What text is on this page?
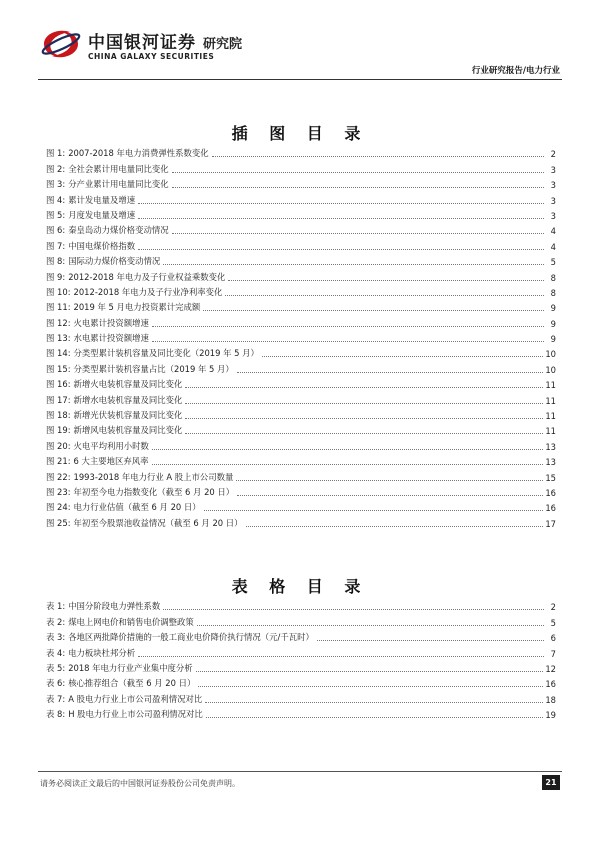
中国银河证券 研究院
CHINA GALAXY SECURITIES
行业研究报告/电力行业
插 图 目 录
图 1: 2007-2018 年电力消费弹性系数变化	2
图 2: 全社会累计用电量同比变化	3
图 3: 分产业累计用电量同比变化	3
图 4: 累计发电量及增速	3
图 5: 月度发电量及增速	3
图 6: 秦皇岛动力煤价格变动情况	4
图 7: 中国电煤价格指数	4
图 8: 国际动力煤价格变动情况	5
图 9: 2012-2018 年电力及子行业权益乘数变化	8
图 10: 2012-2018 年电力及子行业净利率变化	8
图 11: 2019 年 5 月电力投资累计完成额	9
图 12: 火电累计投资额增速	9
图 13: 水电累计投资额增速	9
图 14: 分类型累计装机容量及同比变化（2019 年 5 月）	10
图 15: 分类型累计装机容量占比（2019 年 5 月）	10
图 16: 新增火电装机容量及同比变化	11
图 17: 新增水电装机容量及同比变化	11
图 18: 新增光伏装机容量及同比变化	11
图 19: 新增风电装机容量及同比变化	11
图 20: 火电平均利用小时数	13
图 21: 6 大主要地区弃风率	13
图 22: 1993-2018 年电力行业 A 股上市公司数量	15
图 23: 年初至今电力指数变化（截至 6 月 20 日）	16
图 24: 电力行业估值（截至 6 月 20 日）	16
图 25: 年初至今股票池收益情况（截至 6 月 20 日）	17
表 格 目 录
表 1: 中国分阶段电力弹性系数	2
表 2: 煤电上网电价和销售电价调整政策	5
表 3: 各地区两批降价措施的一般工商业电价降价执行情况（元/千瓦时）	6
表 4: 电力板块杜邦分析	7
表 5: 2018 年电力行业产业集中度分析	12
表 6: 核心推荐组合（截至 6 月 20 日）	16
表 7: A 股电力行业上市公司盈利情况对比	18
表 8: H 股电力行业上市公司盈利情况对比	19
请务必阅读正文最后的中国银河证券股份公司免责声明。	21
